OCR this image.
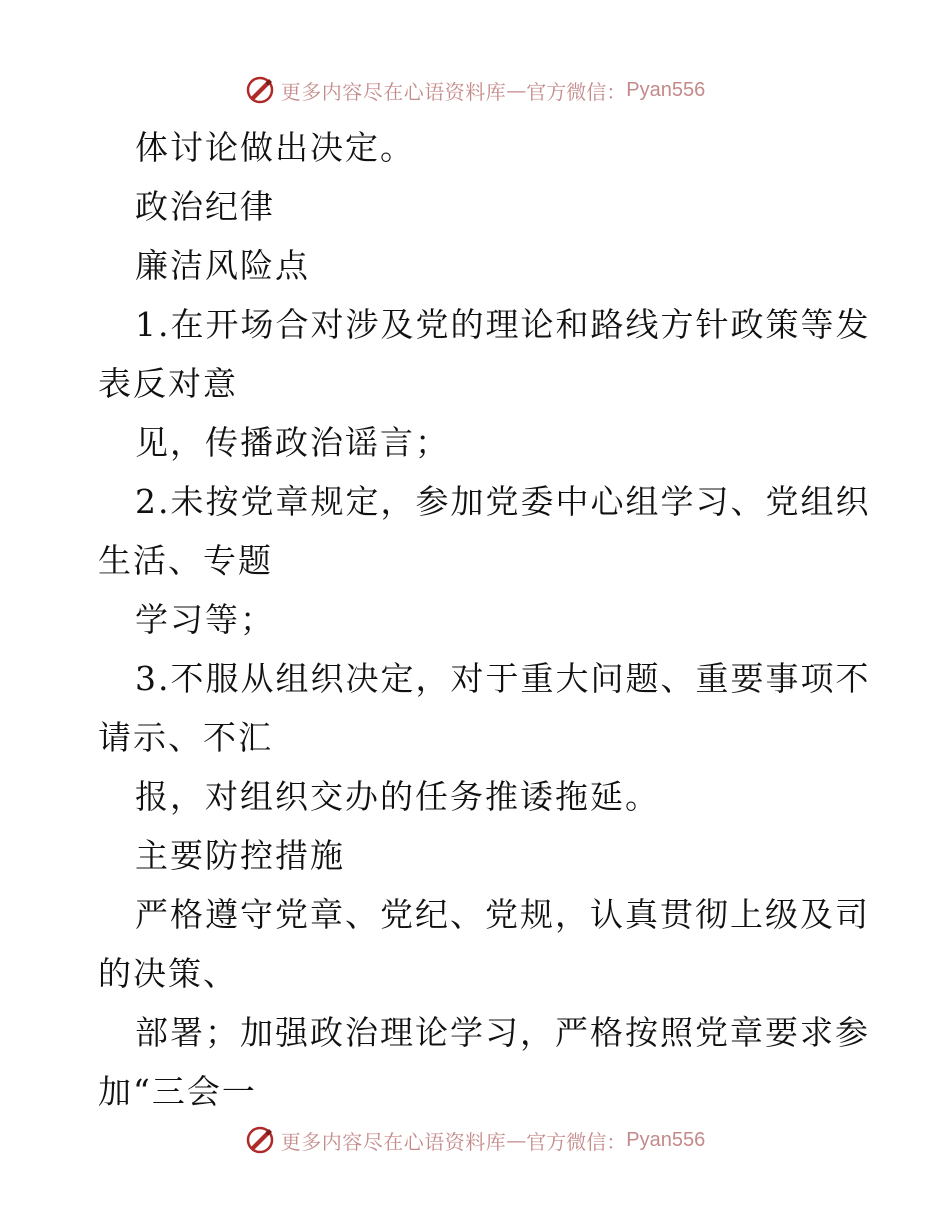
更多内容尽在心语资料库 — 官方微信： Pyan556
体讨论做出决定。
政治纪律
廉洁风险点
1.在开场合对涉及党的理论和路线方针政策等发
表反对意
见，传播政治谣言；
2.未按党章规定，参加党委中心组学习、党组织
生活、专题
学习等；
3.不服从组织决定，对于重大问题、重要事项不
请示、不汇
报，对组织交办的任务推诿拖延。
主要防控措施
严格遵守党章、党纪、党规，认真贯彻上级及司
的决策、
部署；加强政治理论学习，严格按照党章要求参
加“三会一
更多内容尽在心语资料库 — 官方微信： Pyan556
